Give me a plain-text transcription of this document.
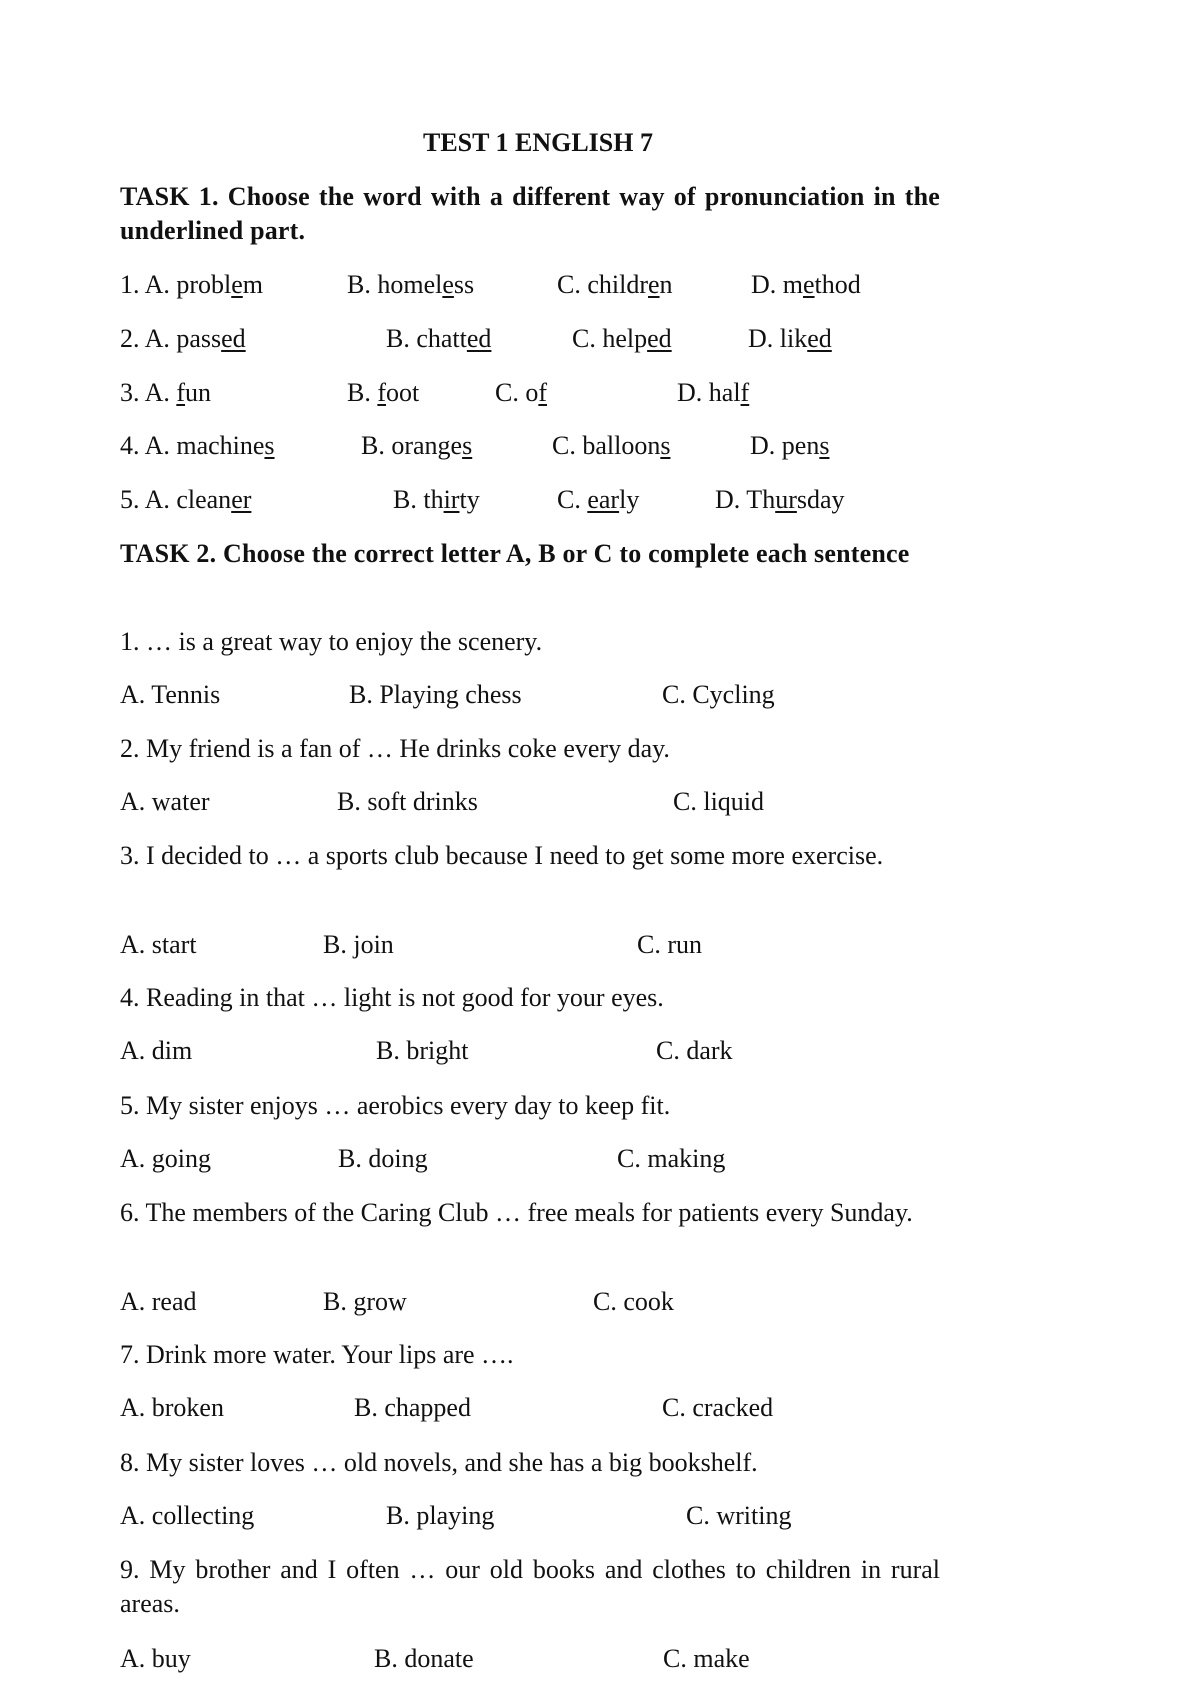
TEST 1 ENGLISH 7
TASK 1. Choose the word with a different way of pronunciation in the underlined part.
1. A. problem	B. homeless	C. children	D. method
2. A. passed	B. chatted	C. helped	D. liked
3. A. fun	B. foot	C. of	D. half
4. A. machines	B. oranges	C. balloons	D. pens
5. A. cleaner	B. thirty	C. early	D. Thursday
TASK 2. Choose the correct letter A, B or C to complete each sentence
1. … is a great way to enjoy the scenery.
A. Tennis	B. Playing chess	C. Cycling
2. My friend is a fan of … He drinks coke every day.
A. water	B. soft drinks	C. liquid
3. I decided to … a sports club because I need to get some more exercise.
A. start	B. join	C. run
4. Reading in that … light is not good for your eyes.
A. dim	B. bright	C. dark
5. My sister enjoys … aerobics every day to keep fit.
A. going	B. doing	C. making
6. The members of the Caring Club … free meals for patients every Sunday.
A. read	B. grow	C. cook
7. Drink more water. Your lips are ….
A. broken	B. chapped	C. cracked
8. My sister loves … old novels, and she has a big bookshelf.
A. collecting	B. playing	C. writing
9. My brother and I often … our old books and clothes to children in rural areas.
A. buy	B. donate	C. make
